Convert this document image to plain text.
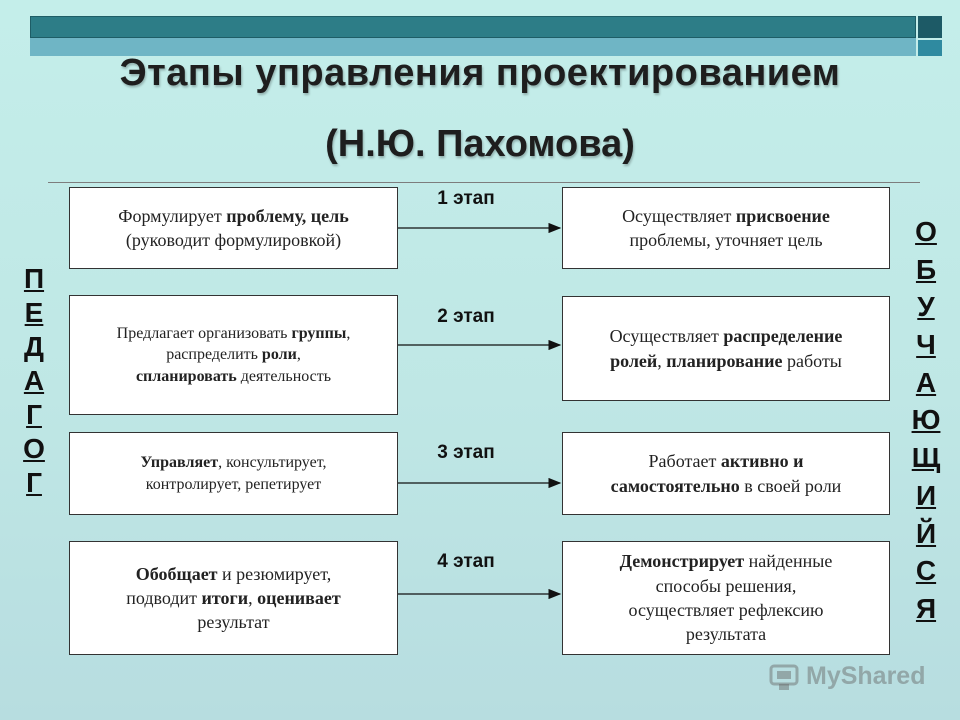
Этапы управления проектированием
(Н.Ю. Пахомова)
П
Е
Д
А
Г
О
Г
О
Б
У
Ч
А
Ю
Щ
И
Й
С
Я
Формулирует проблему, цель
(руководит формулировкой)
Предлагает организовать группы,
распределить роли,
спланировать деятельность
Управляет, консультирует,
контролирует, репетирует
Обобщает и резюмирует,
подводит итоги, оценивает
результат
Осуществляет присвоение
проблемы, уточняет цель
Осуществляет распределение
ролей, планирование работы
Работает активно и
самостоятельно в своей роли
Демонстрирует найденные
способы решения,
осуществляет рефлексию
результата
1 этап
2 этап
3 этап
4 этап
MyShared
